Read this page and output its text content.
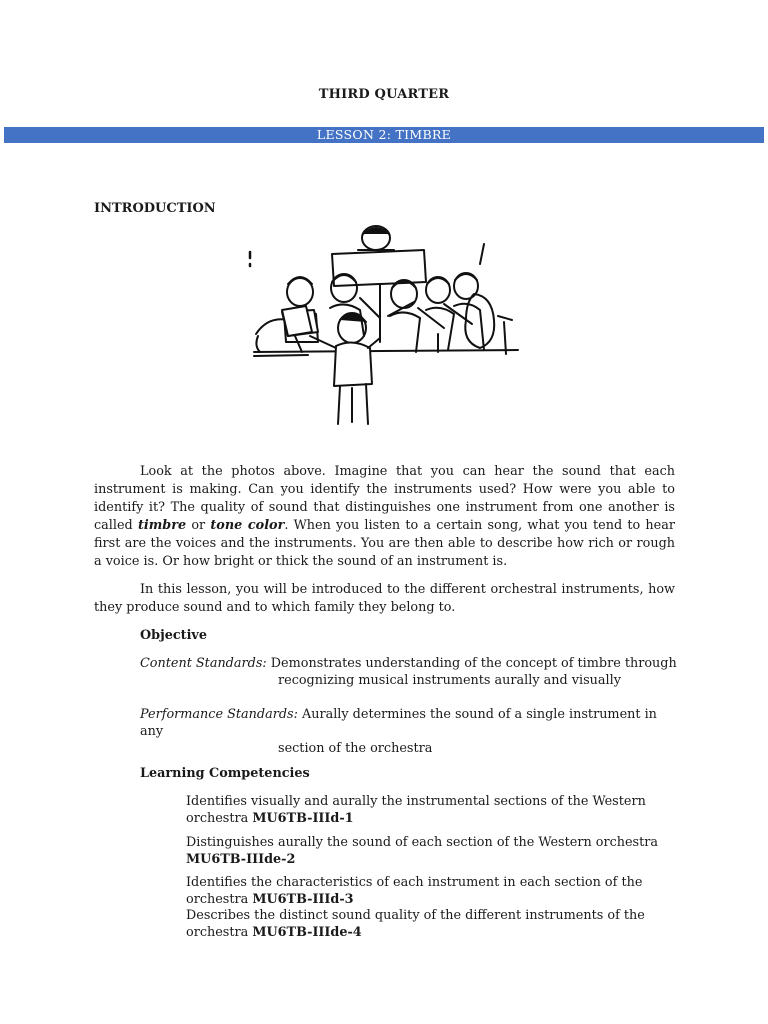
THIRD QUARTER
LESSON 2: TIMBRE
INTRODUCTION
Look at the photos above. Imagine that you can hear the sound that each instrument is making. Can you identify the instruments used? How were you able to identify it? The quality of sound that distinguishes one instrument from one another is called timbre or tone color. When you listen to a certain song, what you tend to hear first are the voices and the instruments. You are then able to describe how rich or rough a voice is. Or how bright or thick the sound of an instrument is.
In this lesson, you will be introduced to the different orchestral instruments, how they produce sound and to which family they belong to.
Objective
Content Standards: Demonstrates understanding of the concept of timbre through
recognizing musical instruments aurally and visually
Performance Standards: Aurally determines the sound of a single instrument in any
section of the orchestra
Learning Competencies
Identifies visually and aurally the instrumental sections of the Western orchestra MU6TB-IIId-1
Distinguishes aurally the sound of each section of the Western orchestra
MU6TB-IIIde-2
Identifies the characteristics of each instrument in each section of the orchestra MU6TB-IIId-3
Describes the distinct sound quality of the different instruments of the orchestra MU6TB-IIIde-4
